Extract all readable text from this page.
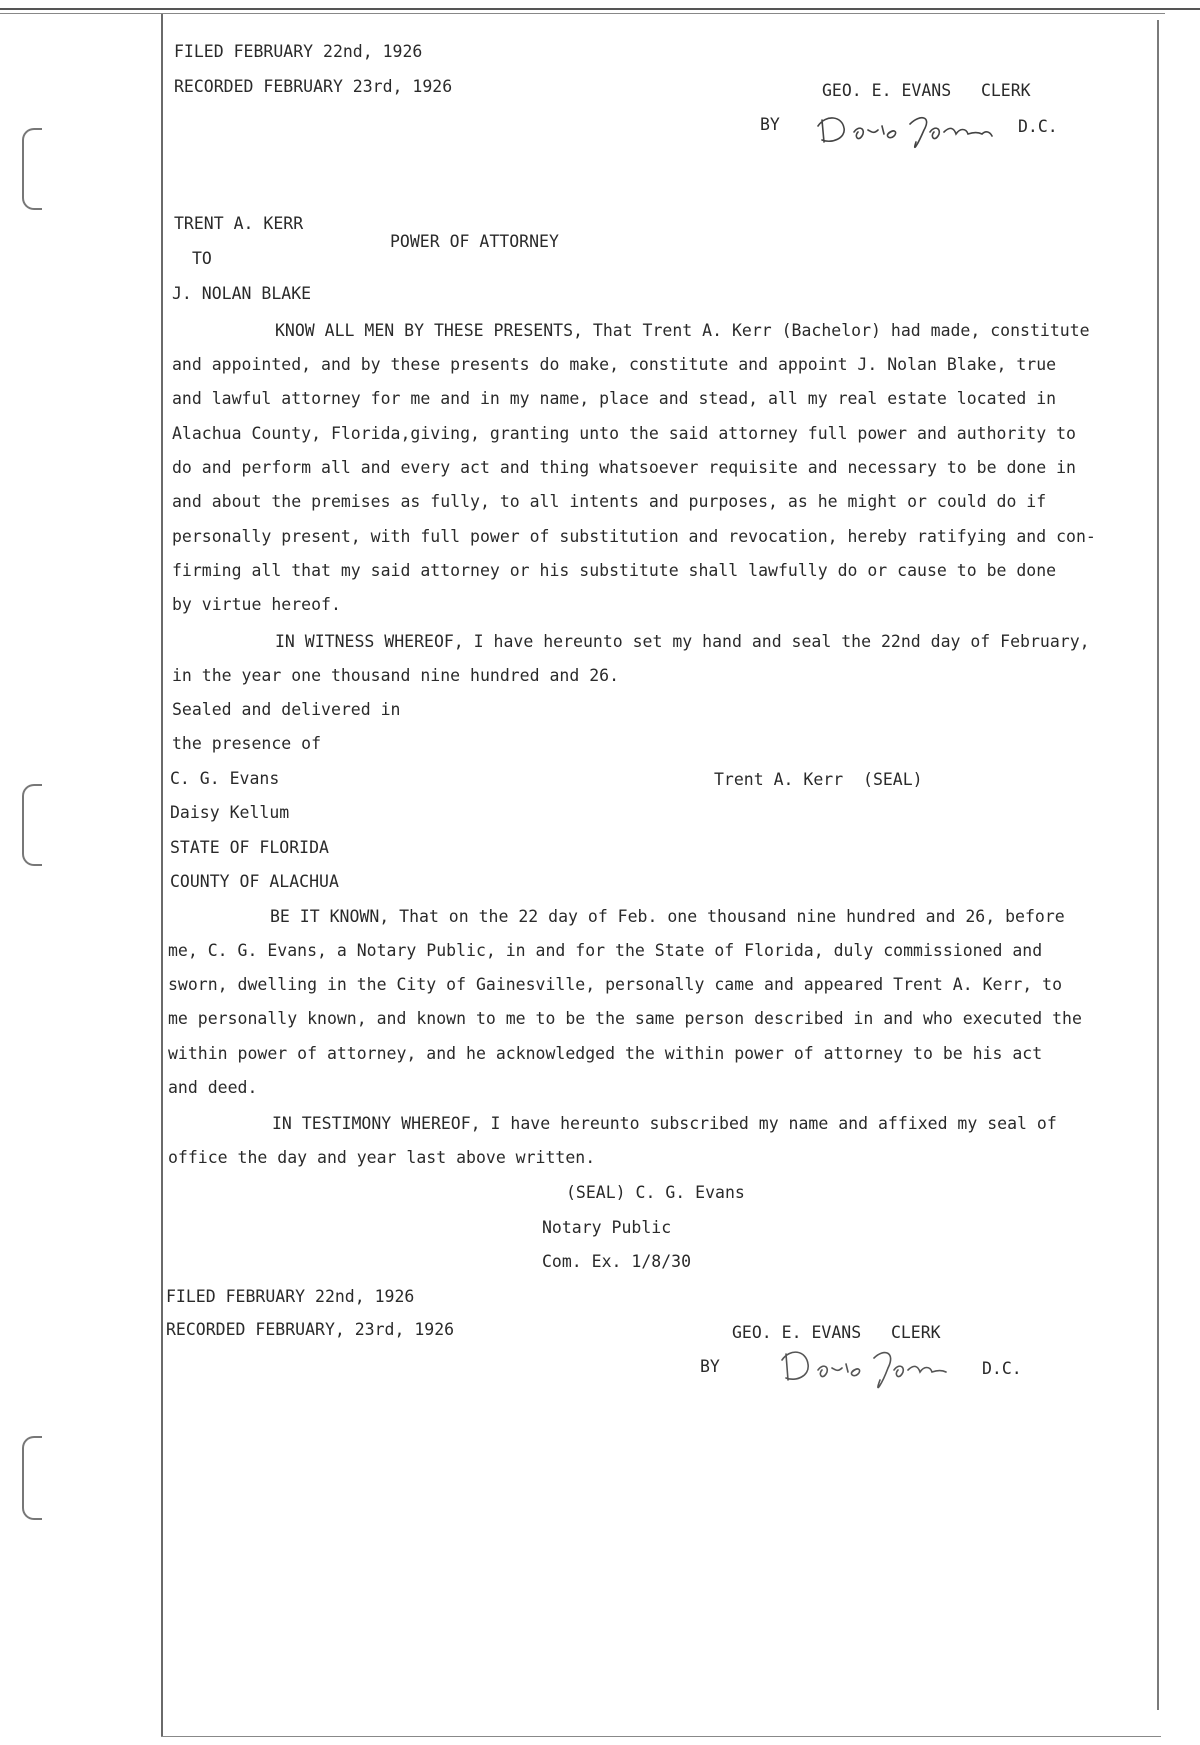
FILED FEBRUARY 22nd, 1926
RECORDED FEBRUARY 23rd, 1926	GEO. E. EVANS   CLERK
BY	D.C.
TRENT A. KERR
POWER OF ATTORNEY
TO
J. NOLAN BLAKE
KNOW ALL MEN BY THESE PRESENTS, That Trent A. Kerr (Bachelor) had made, constitute
and appointed, and by these presents do make, constitute and appoint J. Nolan Blake, true
and lawful attorney for me and in my name, place and stead, all my real estate located in
Alachua County, Florida,giving, granting unto the said attorney full power and authority to
do and perform all and every act and thing whatsoever requisite and necessary to be done in
and about the premises as fully, to all intents and purposes, as he might or could do if
personally present, with full power of substitution and revocation, hereby ratifying and con-
firming all that my said attorney or his substitute shall lawfully do or cause to be done
by virtue hereof.
IN WITNESS WHEREOF, I have hereunto set my hand and seal the 22nd day of February,
in the year one thousand nine hundred and 26.
Sealed and delivered in
the presence of
C. G. Evans	Trent A. Kerr  (SEAL)
Daisy Kellum
STATE OF FLORIDA
COUNTY OF ALACHUA
BE IT KNOWN, That on the 22 day of Feb. one thousand nine hundred and 26, before
me, C. G. Evans, a Notary Public, in and for the State of Florida, duly commissioned and
sworn, dwelling in the City of Gainesville, personally came and appeared Trent A. Kerr, to
me personally known, and known to me to be the same person described in and who executed the
within power of attorney, and he acknowledged the within power of attorney to be his act
and deed.
IN TESTIMONY WHEREOF, I have hereunto subscribed my name and affixed my seal of
office the day and year last above written.
(SEAL) C. G. Evans
Notary Public
Com. Ex. 1/8/30
FILED FEBRUARY 22nd, 1926
RECORDED FEBRUARY, 23rd, 1926	GEO. E. EVANS   CLERK
BY	D.C.
